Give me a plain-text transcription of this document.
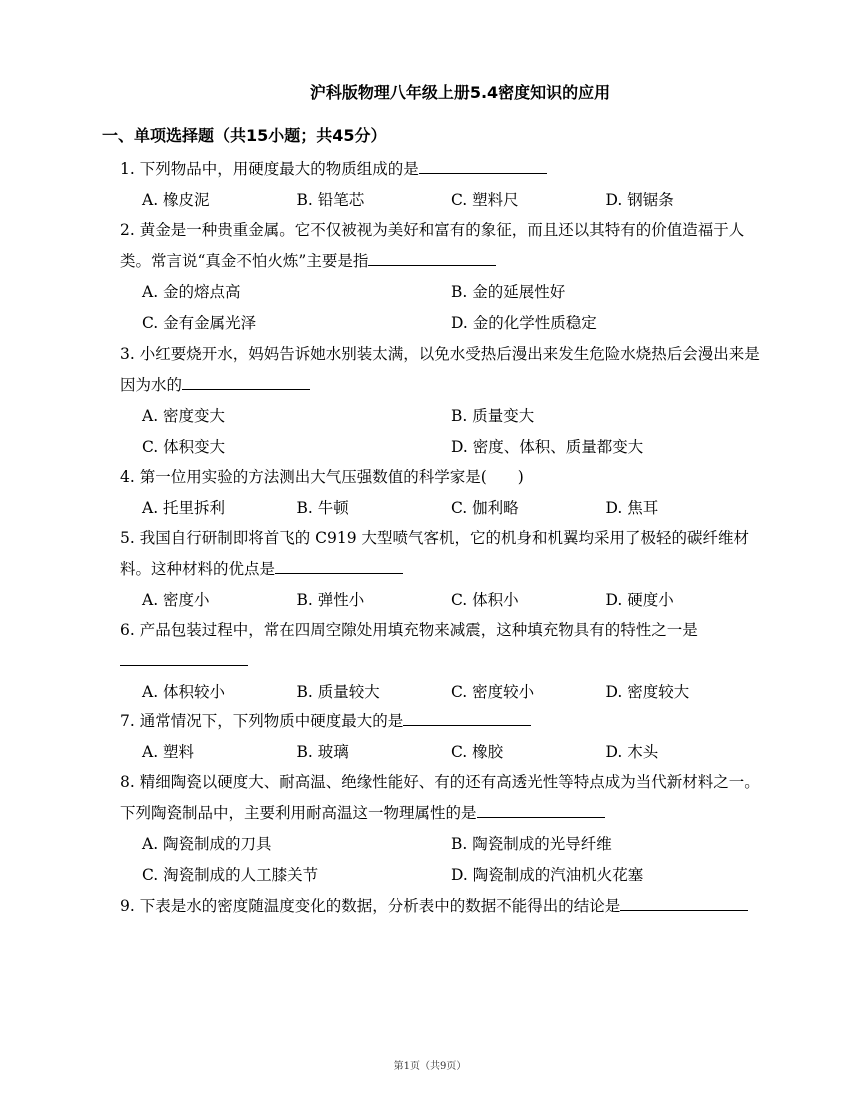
沪科版物理八年级上册5.4密度知识的应用
一、单项选择题（共15小题；共45分）
1. 下列物品中，用硬度最大的物质组成的是
A. 橡皮泥	B. 铅笔芯	C. 塑料尺	D. 钢锯条
2. 黄金是一种贵重金属。它不仅被视为美好和富有的象征，而且还以其特有的价值造福于人类。常言说“真金不怕火炼”主要是指
A. 金的熔点高	B. 金的延展性好
C. 金有金属光泽	D. 金的化学性质稳定
3. 小红要烧开水，妈妈告诉她水别装太满，以免水受热后漫出来发生危险水烧热后会漫出来是因为水的
A. 密度变大	B. 质量变大
C. 体积变大	D. 密度、体积、质量都变大
4. 第一位用实验的方法测出大气压强数值的科学家是(　　)
A. 托里拆利	B. 牛顿	C. 伽利略	D. 焦耳
5. 我国自行研制即将首飞的 C919 大型喷气客机，它的机身和机翼均采用了极轻的碳纤维材料。这种材料的优点是
A. 密度小	B. 弹性小	C. 体积小	D. 硬度小
6. 产品包装过程中，常在四周空隙处用填充物来减震，这种填充物具有的特性之一是
A. 体积较小	B. 质量较大	C. 密度较小	D. 密度较大
7. 通常情况下，下列物质中硬度最大的是
A. 塑料	B. 玻璃	C. 橡胶	D. 木头
8. 精细陶瓷以硬度大、耐高温、绝缘性能好、有的还有高透光性等特点成为当代新材料之一。下列陶瓷制品中，主要利用耐高温这一物理属性的是
A. 陶瓷制成的刀具	B. 陶瓷制成的光导纤维
C. 淘瓷制成的人工膝关节	D. 陶瓷制成的汽油机火花塞
9. 下表是水的密度随温度变化的数据，分析表中的数据不能得出的结论是
第1页（共9页）
